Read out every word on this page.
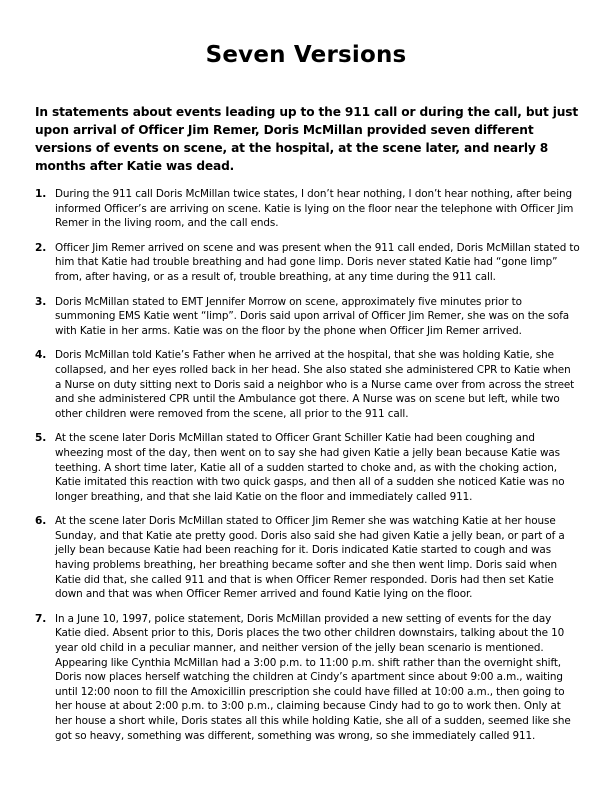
Seven Versions

In statements about events leading up to the 911 call or during the call, but just upon arrival of Officer Jim Remer, Doris McMillan provided seven different versions of events on scene, at the hospital, at the scene later, and nearly 8 months after Katie was dead.

1. During the 911 call Doris McMillan twice states, I don’t hear nothing, I don’t hear nothing, after being informed Officer’s are arriving on scene. Katie is lying on the floor near the telephone with Officer Jim Remer in the living room, and the call ends.
2. Officer Jim Remer arrived on scene and was present when the 911 call ended, Doris McMillan stated to him that Katie had trouble breathing and had gone limp. Doris never stated Katie had “gone limp” from, after having, or as a result of, trouble breathing, at any time during the 911 call.
3. Doris McMillan stated to EMT Jennifer Morrow on scene, approximately five minutes prior to summoning EMS Katie went “limp”. Doris said upon arrival of Officer Jim Remer, she was on the sofa with Katie in her arms. Katie was on the floor by the phone when Officer Jim Remer arrived.
4. Doris McMillan told Katie’s Father when he arrived at the hospital, that she was holding Katie, she collapsed, and her eyes rolled back in her head. She also stated she administered CPR to Katie when a Nurse on duty sitting next to Doris said a neighbor who is a Nurse came over from across the street and she administered CPR until the Ambulance got there. A Nurse was on scene but left, while two other children were removed from the scene, all prior to the 911 call.
5. At the scene later Doris McMillan stated to Officer Grant Schiller Katie had been coughing and wheezing most of the day, then went on to say she had given Katie a jelly bean because Katie was teething. A short time later, Katie all of a sudden started to choke and, as with the choking action, Katie imitated this reaction with two quick gasps, and then all of a sudden she noticed Katie was no longer breathing, and that she laid Katie on the floor and immediately called 911.
6. At the scene later Doris McMillan stated to Officer Jim Remer she was watching Katie at her house Sunday, and that Katie ate pretty good. Doris also said she had given Katie a jelly bean, or part of a jelly bean because Katie had been reaching for it. Doris indicated Katie started to cough and was having problems breathing, her breathing became softer and she then went limp. Doris said when Katie did that, she called 911 and that is when Officer Remer responded. Doris had then set Katie down and that was when Officer Remer arrived and found Katie lying on the floor.
7. In a June 10, 1997, police statement, Doris McMillan provided a new setting of events for the day Katie died. Absent prior to this, Doris places the two other children downstairs, talking about the 10 year old child in a peculiar manner, and neither version of the jelly bean scenario is mentioned. Appearing like Cynthia McMillan had a 3:00 p.m. to 11:00 p.m. shift rather than the overnight shift, Doris now places herself watching the children at Cindy’s apartment since about 9:00 a.m., waiting until 12:00 noon to fill the Amoxicillin prescription she could have filled at 10:00 a.m., then going to her house at about 2:00 p.m. to 3:00 p.m., claiming because Cindy had to go to work then. Only at her house a short while, Doris states all this while holding Katie, she all of a sudden, seemed like she got so heavy, something was different, something was wrong, so she immediately called 911.
